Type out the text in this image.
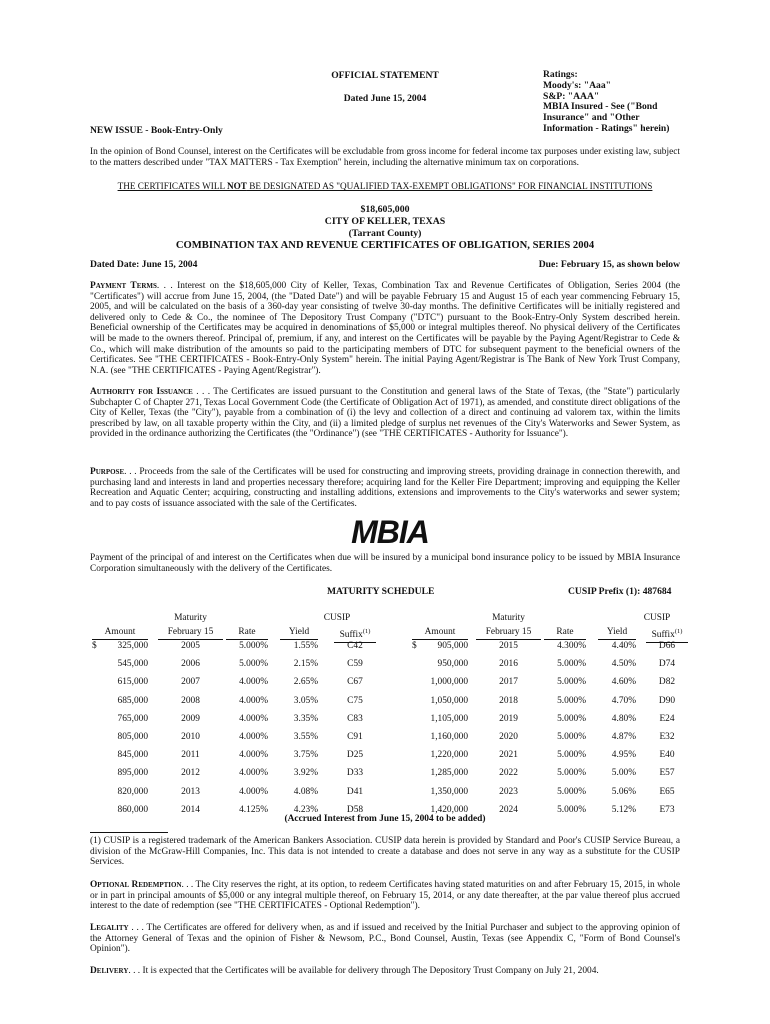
OFFICIAL STATEMENT
Dated June 15, 2004
Ratings:
Moody's: "Aaa"
S&P: "AAA"
MBIA Insured - See ("Bond
Insurance" and "Other
Information - Ratings" herein)
NEW ISSUE - Book-Entry-Only
In the opinion of Bond Counsel, interest on the Certificates will be excludable from gross income for federal income tax purposes under existing law, subject to the matters described under "TAX MATTERS - Tax Exemption" herein, including the alternative minimum tax on corporations.
THE CERTIFICATES WILL NOT BE DESIGNATED AS "QUALIFIED TAX-EXEMPT OBLIGATIONS" FOR FINANCIAL INSTITUTIONS
$18,605,000
CITY OF KELLER, TEXAS
(Tarrant County)
COMBINATION TAX AND REVENUE CERTIFICATES OF OBLIGATION, SERIES 2004
Dated Date: June 15, 2004	Due: February 15, as shown below
Payment Terms. . . Interest on the $18,605,000 City of Keller, Texas, Combination Tax and Revenue Certificates of Obligation, Series 2004 (the "Certificates") will accrue from June 15, 2004, (the "Dated Date") and will be payable February 15 and August 15 of each year commencing February 15, 2005, and will be calculated on the basis of a 360-day year consisting of twelve 30-day months. The definitive Certificates will be initially registered and delivered only to Cede & Co., the nominee of The Depository Trust Company ("DTC") pursuant to the Book-Entry-Only System described herein. Beneficial ownership of the Certificates may be acquired in denominations of $5,000 or integral multiples thereof. No physical delivery of the Certificates will be made to the owners thereof. Principal of, premium, if any, and interest on the Certificates will be payable by the Paying Agent/Registrar to Cede & Co., which will make distribution of the amounts so paid to the participating members of DTC for subsequent payment to the beneficial owners of the Certificates. See "THE CERTIFICATES - Book-Entry-Only System" herein. The initial Paying Agent/Registrar is The Bank of New York Trust Company, N.A. (see "THE CERTIFICATES - Paying Agent/Registrar").
Authority for Issuance . . . The Certificates are issued pursuant to the Constitution and general laws of the State of Texas, (the "State") particularly Subchapter C of Chapter 271, Texas Local Government Code (the Certificate of Obligation Act of 1971), as amended, and constitute direct obligations of the City of Keller, Texas (the "City"), payable from a combination of (i) the levy and collection of a direct and continuing ad valorem tax, within the limits prescribed by law, on all taxable property within the City, and (ii) a limited pledge of surplus net revenues of the City's Waterworks and Sewer System, as provided in the ordinance authorizing the Certificates (the "Ordinance") (see "THE CERTIFICATES - Authority for Issuance").
Purpose. . . Proceeds from the sale of the Certificates will be used for constructing and improving streets, providing drainage in connection therewith, and purchasing land and interests in land and properties necessary therefore; acquiring land for the Keller Fire Department; improving and equipping the Keller Recreation and Aquatic Center; acquiring, constructing and installing additions, extensions and improvements to the City's waterworks and sewer system; and to pay costs of issuance associated with the sale of the Certificates.
MBIA
Payment of the principal of and interest on the Certificates when due will be insured by a municipal bond insurance policy to be issued by MBIA Insurance Corporation simultaneously with the delivery of the Certificates.
MATURITY SCHEDULE	CUSIP Prefix (1): 487684
Maturity	CUSIP
Amount	February 15	Rate	Yield	Suffix$^{(1)}$
Maturity	CUSIP
Amount	February 15	Rate	Yield	Suffix$^{(1)}$
$	$
325,000	2005	5.000%	1.55%	C42
545,000	2006	5.000%	2.15%	C59
615,000	2007	4.000%	2.65%	C67
685,000	2008	4.000%	3.05%	C75
765,000	2009	4.000%	3.35%	C83
805,000	2010	4.000%	3.55%	C91
845,000	2011	4.000%	3.75%	D25
895,000	2012	4.000%	3.92%	D33
820,000	2013	4.000%	4.08%	D41
860,000	2014	4.125%	4.23%	D58
905,000	2015	4.300%	4.40%	D66
950,000	2016	5.000%	4.50%	D74
1,000,000	2017	5.000%	4.60%	D82
1,050,000	2018	5.000%	4.70%	D90
1,105,000	2019	5.000%	4.80%	E24
1,160,000	2020	5.000%	4.87%	E32
1,220,000	2021	5.000%	4.95%	E40
1,285,000	2022	5.000%	5.00%	E57
1,350,000	2023	5.000%	5.06%	E65
1,420,000	2024	5.000%	5.12%	E73
(Accrued Interest from June 15, 2004 to be added)
(1) CUSIP is a registered trademark of the American Bankers Association. CUSIP data herein is provided by Standard and Poor's CUSIP Service Bureau, a division of the McGraw-Hill Companies, Inc. This data is not intended to create a database and does not serve in any way as a substitute for the CUSIP Services.
Optional Redemption. . . The City reserves the right, at its option, to redeem Certificates having stated maturities on and after February 15, 2015, in whole or in part in principal amounts of $5,000 or any integral multiple thereof, on February 15, 2014, or any date thereafter, at the par value thereof plus accrued interest to the date of redemption (see "THE CERTIFICATES - Optional Redemption").
Legality . . . The Certificates are offered for delivery when, as and if issued and received by the Initial Purchaser and subject to the approving opinion of the Attorney General of Texas and the opinion of Fisher & Newsom, P.C., Bond Counsel, Austin, Texas (see Appendix C, "Form of Bond Counsel's Opinion").
Delivery. . . It is expected that the Certificates will be available for delivery through The Depository Trust Company on July 21, 2004.
